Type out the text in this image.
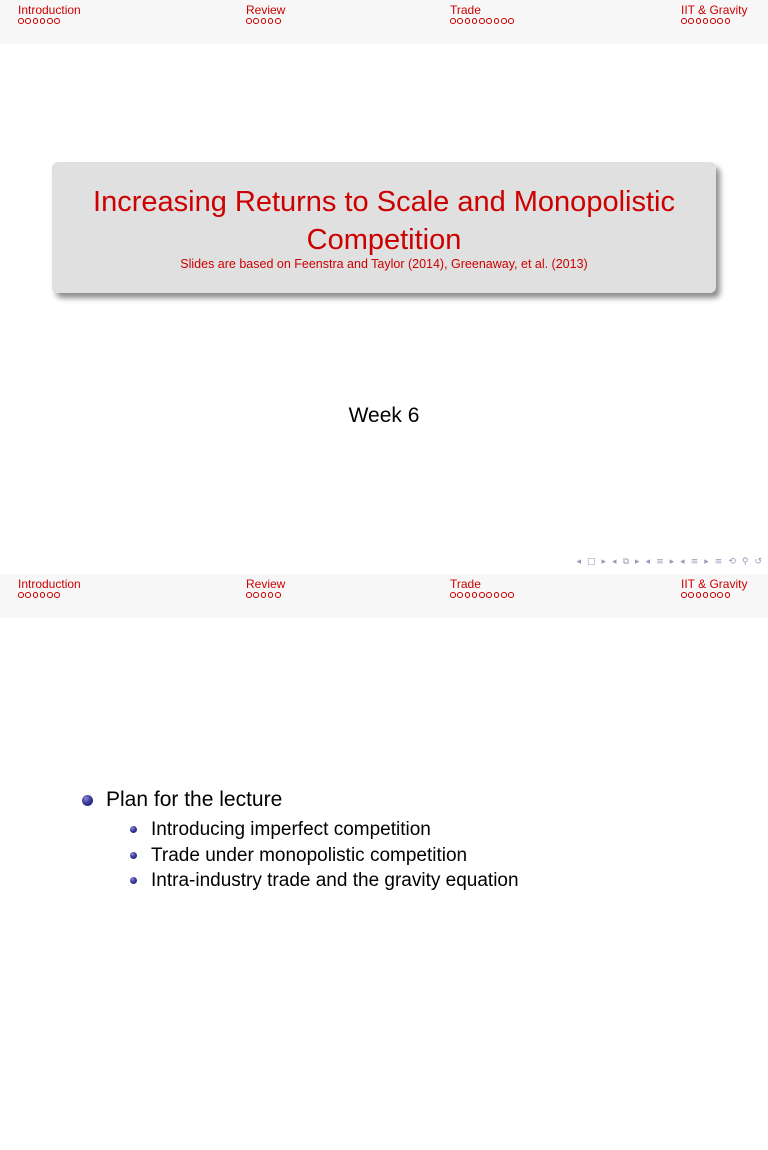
Introduction	Review	Trade	IIT & Gravity
Increasing Returns to Scale and Monopolistic Competition
Slides are based on Feenstra and Taylor (2014), Greenaway, et al. (2013)
Week 6
◂ □ ▸ ◂ ⧉ ▸ ◂ ≡ ▸ ◂ ≡ ▸ ≡ ⟲ ⚲ ↺
Introduction	Review	Trade	IIT & Gravity
Plan for the lecture
Introducing imperfect competition
Trade under monopolistic competition
Intra-industry trade and the gravity equation
